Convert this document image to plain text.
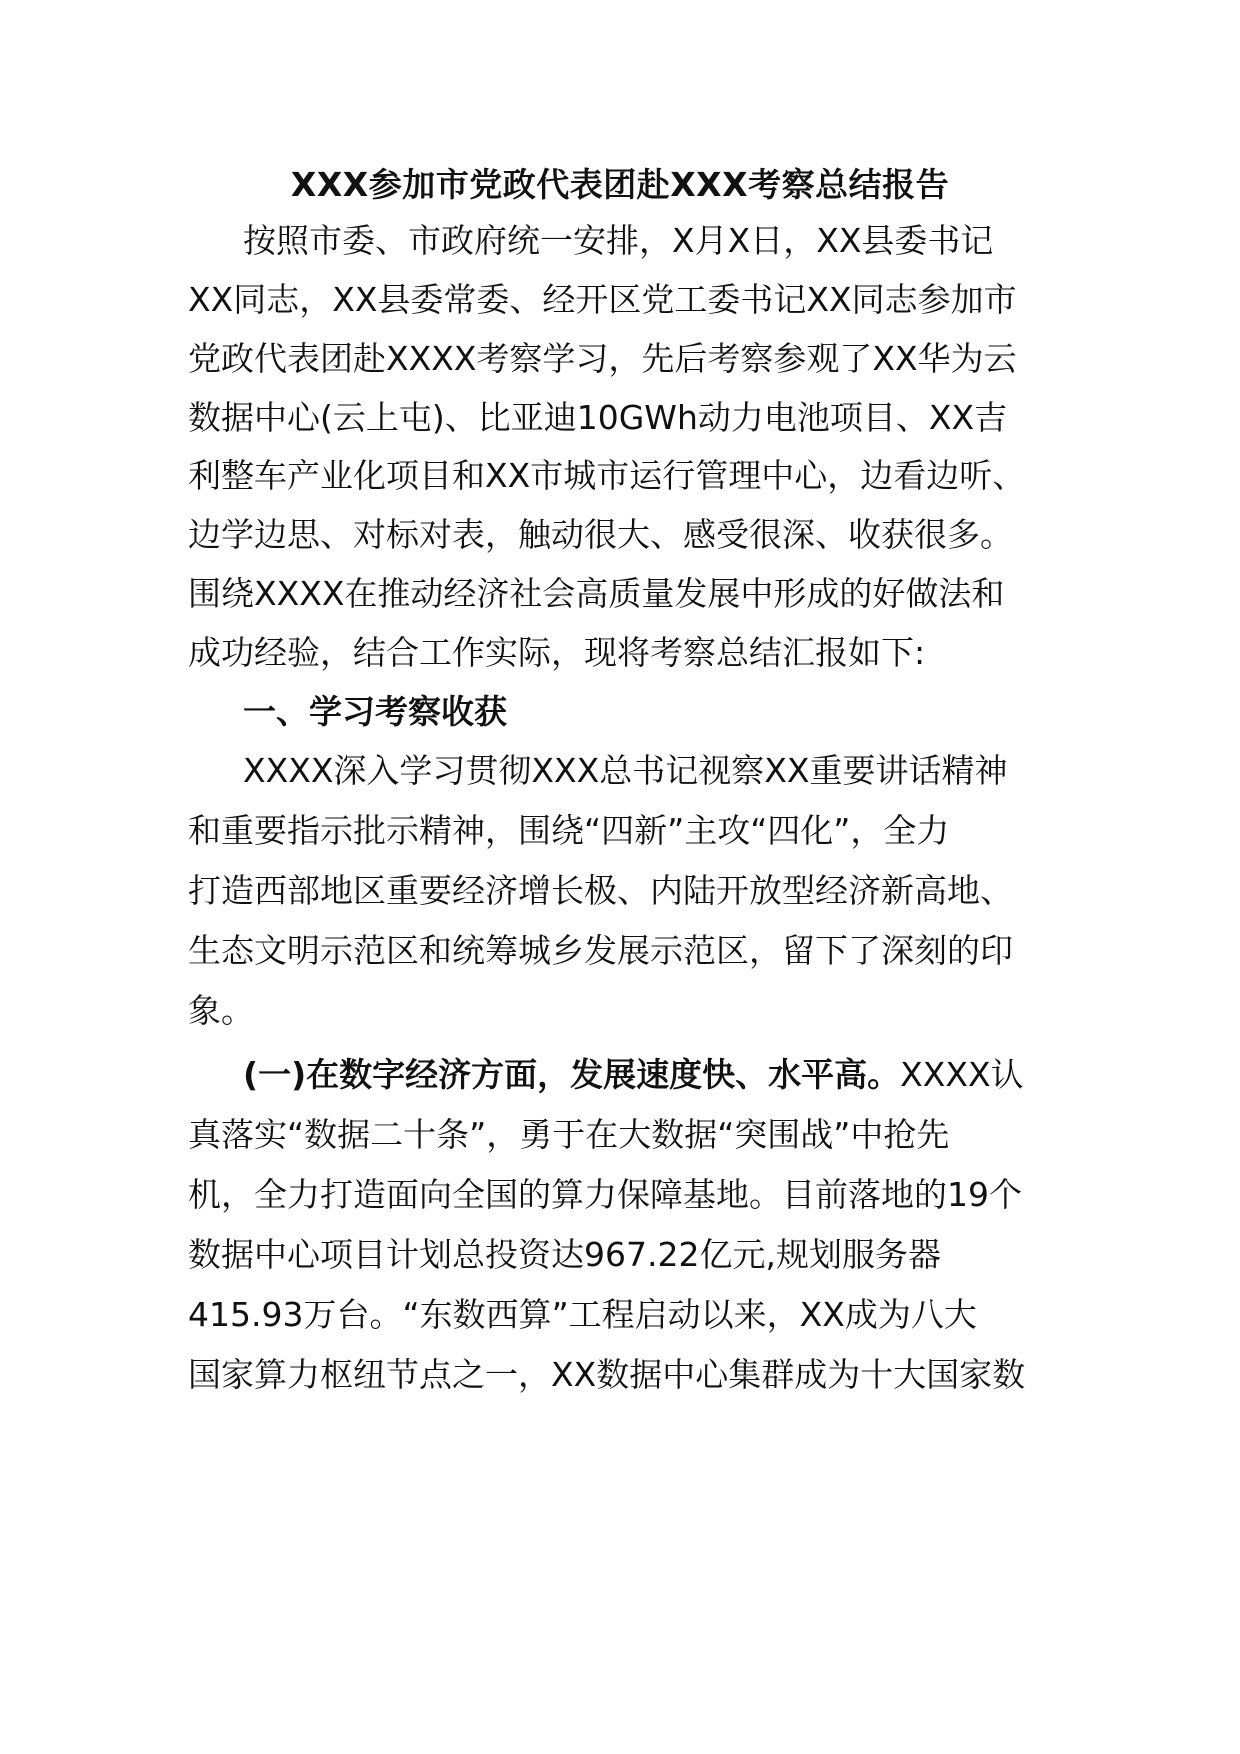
XXX参加市党政代表团赴XXX考察总结报告
按照市委、市政府统一安排，X月X日，XX县委书记
XX同志，XX县委常委、经开区党工委书记XX同志参加市
党政代表团赴XXXX考察学习，先后考察参观了XX华为云
数据中心(云上屯)、比亚迪10GWh动力电池项目、XX吉
利整车产业化项目和XX市城市运行管理中心，边看边听、
边学边思、对标对表，触动很大、感受很深、收获很多。
围绕XXXX在推动经济社会高质量发展中形成的好做法和
成功经验，结合工作实际，现将考察总结汇报如下:
一、学习考察收获
XXXX深入学习贯彻XXX总书记视察XX重要讲话精神
和重要指示批示精神，围绕“四新”主攻“四化”，全力
打造西部地区重要经济增长极、内陆开放型经济新高地、
生态文明示范区和统筹城乡发展示范区，留下了深刻的印
象。
(一)在数字经济方面，发展速度快、水平高。XXXX认
真落实“数据二十条”，勇于在大数据“突围战”中抢先
机，全力打造面向全国的算力保障基地。目前落地的19个
数据中心项目计划总投资达967.22亿元,规划服务器
415.93万台。“东数西算”工程启动以来，XX成为八大
国家算力枢纽节点之一，XX数据中心集群成为十大国家数
